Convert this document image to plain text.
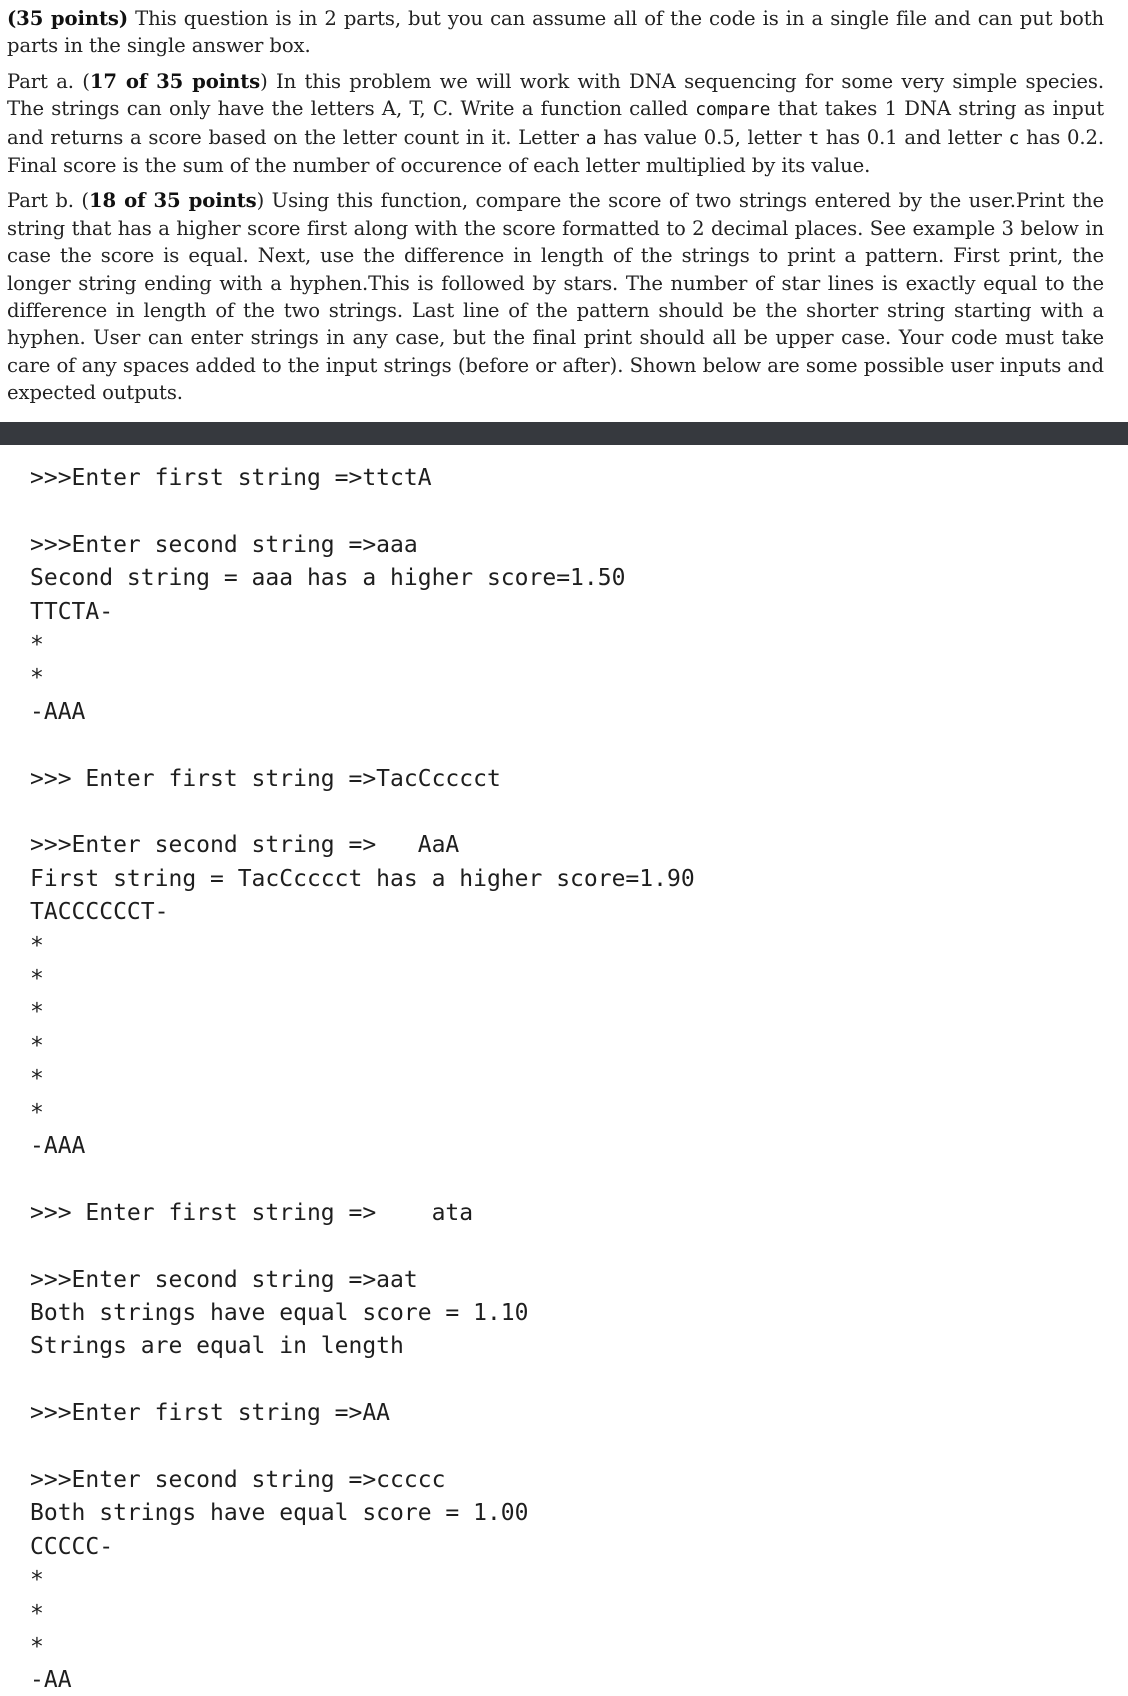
(35 points) This question is in 2 parts, but you can assume all of the code is in a single file and can put both parts in the single answer box.

Part a. (17 of 35 points) In this problem we will work with DNA sequencing for some very simple species. The strings can only have the letters A, T, C. Write a function called compare that takes 1 DNA string as input and returns a score based on the letter count in it. Letter a has value 0.5, letter t has 0.1 and letter c has 0.2. Final score is the sum of the number of occurence of each letter multiplied by its value.

Part b. (18 of 35 points) Using this function, compare the score of two strings entered by the user.Print the string that has a higher score first along with the score formatted to 2 decimal places. See example 3 below in case the score is equal. Next, use the difference in length of the strings to print a pattern. First print, the longer string ending with a hyphen.This is followed by stars. The number of star lines is exactly equal to the difference in length of the two strings. Last line of the pattern should be the shorter string starting with a hyphen. User can enter strings in any case, but the final print should all be upper case. Your code must take care of any spaces added to the input strings (before or after). Shown below are some possible user inputs and expected outputs.

>>>Enter first string =>ttctA
>>>Enter second string =>aaa
Second string = aaa has a higher score=1.50
TTCTA-
*
*
-AAA
>>> Enter first string =>TacCcccct
>>>Enter second string =>   AaA
First string = TacCcccct has a higher score=1.90
TACCCCCCT-
*
*
*
*
*
*
-AAA
>>> Enter first string =>    ata
>>>Enter second string =>aat
Both strings have equal score = 1.10
Strings are equal in length
>>>Enter first string =>AA
>>>Enter second string =>ccccc
Both strings have equal score = 1.00
CCCCC-
*
*
*
-AA
